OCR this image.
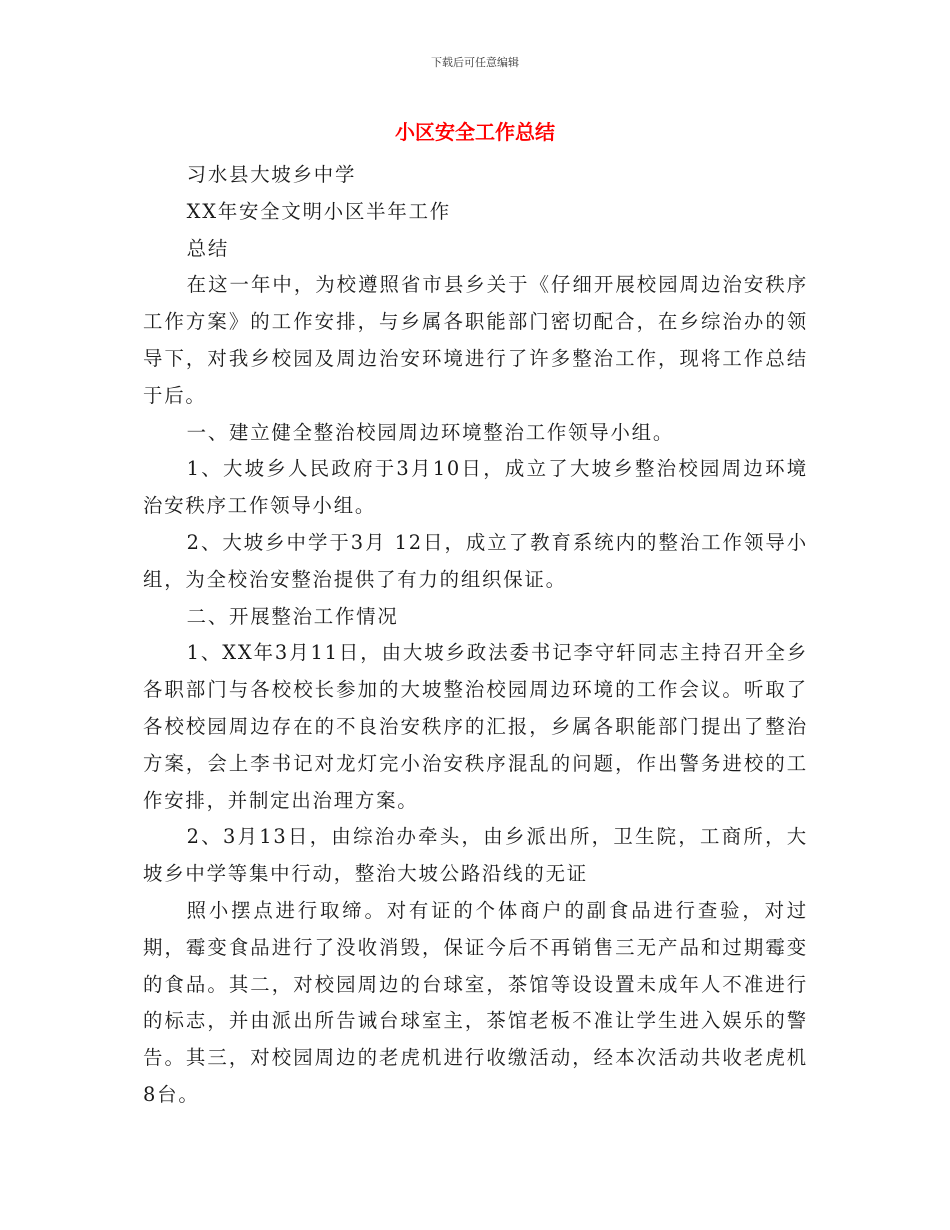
下载后可任意编辑
小区安全工作总结

习水县大坡乡中学

XX年安全文明小区半年工作

总结

在这一年中，为校遵照省市县乡关于《仔细开展校园周边治安秩序工作方案》的工作安排，与乡属各职能部门密切配合，在乡综治办的领导下，对我乡校园及周边治安环境进行了许多整治工作，现将工作总结于后。

一、建立健全整治校园周边环境整治工作领导小组。

1、大坡乡人民政府于3月10日，成立了大坡乡整治校园周边环境治安秩序工作领导小组。

2、大坡乡中学于3月 12日，成立了教育系统内的整治工作领导小组，为全校治安整治提供了有力的组织保证。

二、开展整治工作情况

1、XX年3月11日，由大坡乡政法委书记李守轩同志主持召开全乡各职部门与各校校长参加的大坡整治校园周边环境的工作会议。听取了各校校园周边存在的不良治安秩序的汇报，乡属各职能部门提出了整治方案，会上李书记对龙灯完小治安秩序混乱的问题，作出警务进校的工作安排，并制定出治理方案。

2、3月13日，由综治办牵头，由乡派出所，卫生院，工商所，大坡乡中学等集中行动，整治大坡公路沿线的无证

照小摆点进行取缔。对有证的个体商户的副食品进行查验，对过期，霉变食品进行了没收消毁，保证今后不再销售三无产品和过期霉变的食品。其二，对校园周边的台球室，茶馆等设设置未成年人不准进行的标志，并由派出所告诫台球室主，茶馆老板不准让学生进入娱乐的警告。其三，对校园周边的老虎机进行收缴活动，经本次活动共收老虎机8台。
